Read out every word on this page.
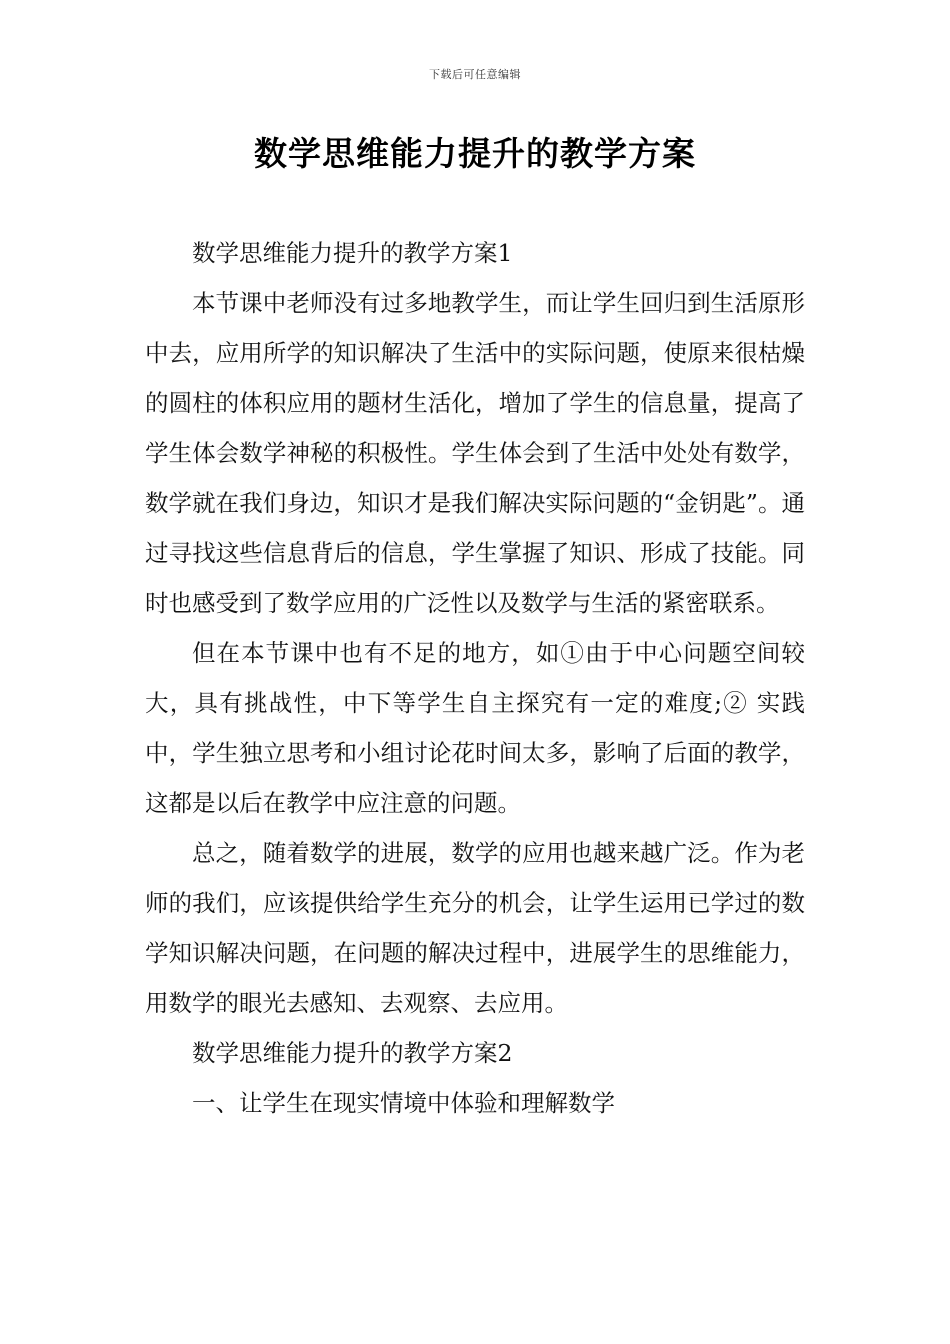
下载后可任意编辑
数学思维能力提升的教学方案

数学思维能力提升的教学方案1

本节课中老师没有过多地教学生，而让学生回归到生活原形中去，应用所学的知识解决了生活中的实际问题，使原来很枯燥的圆柱的体积应用的题材生活化，增加了学生的信息量，提高了学生体会数学神秘的积极性。学生体会到了生活中处处有数学，数学就在我们身边，知识才是我们解决实际问题的“金钥匙”。通过寻找这些信息背后的信息，学生掌握了知识、形成了技能。同时也感受到了数学应用的广泛性以及数学与生活的紧密联系。

但在本节课中也有不足的地方，如①由于中心问题空间较大，具有挑战性，中下等学生自主探究有一定的难度;② 实践中，学生独立思考和小组讨论花时间太多，影响了后面的教学，这都是以后在教学中应注意的问题。

总之，随着数学的进展，数学的应用也越来越广泛。作为老师的我们，应该提供给学生充分的机会，让学生运用已学过的数学知识解决问题，在问题的解决过程中，进展学生的思维能力，用数学的眼光去感知、去观察、去应用。

数学思维能力提升的教学方案2

一、让学生在现实情境中体验和理解数学
